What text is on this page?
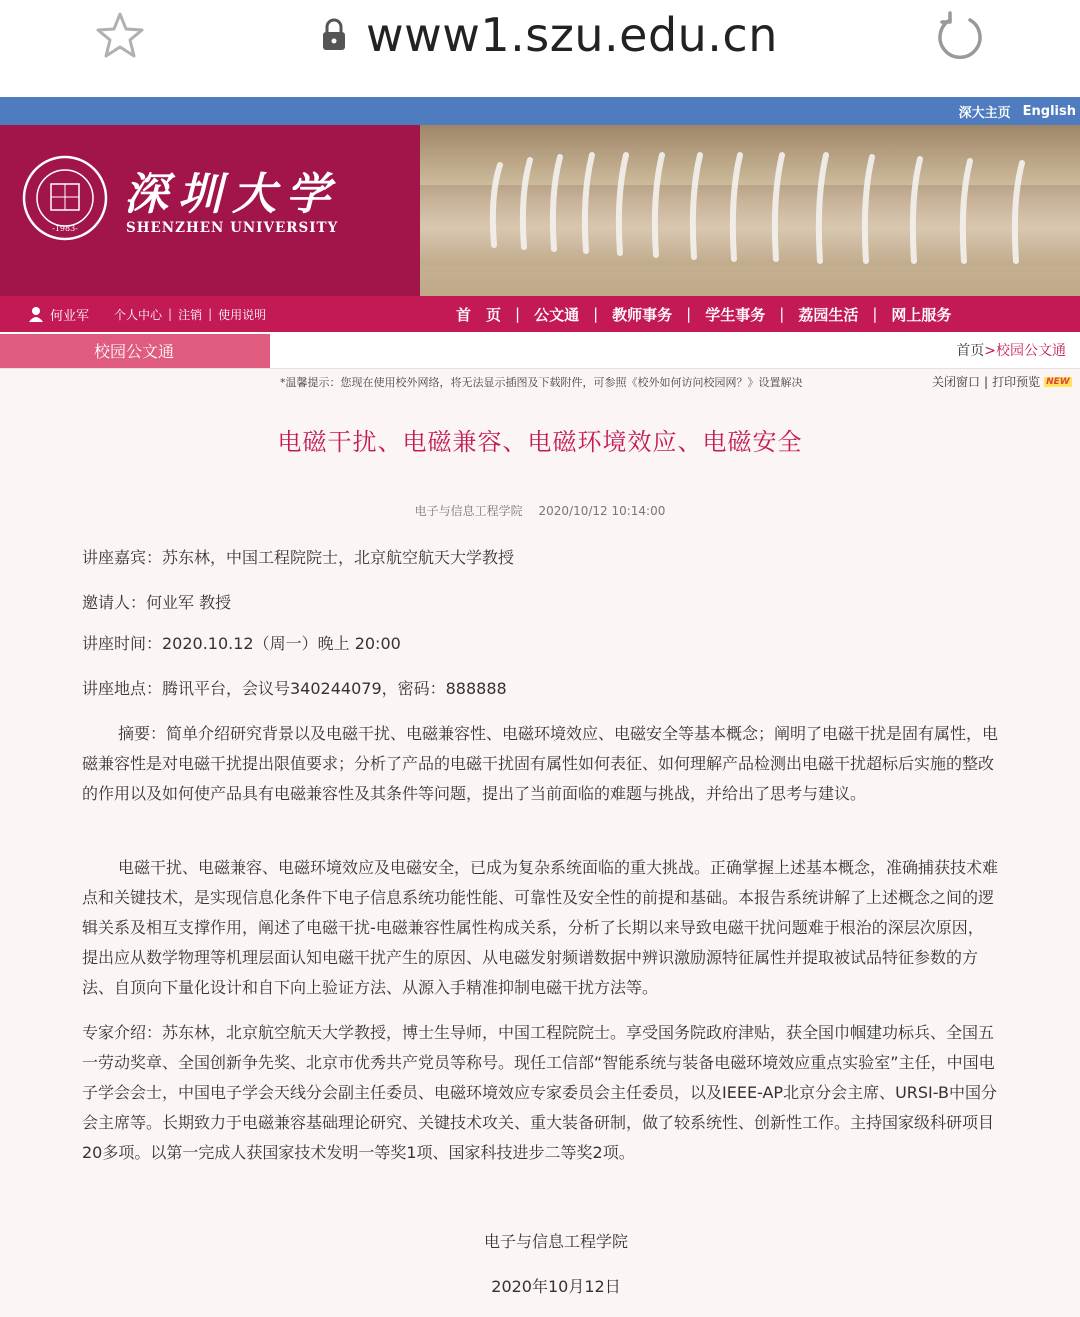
www1.szu.edu.cn
深大主页 English
-1983-
深圳大学
SHENZHEN UNIVERSITY
何业军 个人中心 | 注销 | 使用说明	首　页 | 公文通 | 教师事务 | 学生事务 | 荔园生活 | 网上服务
校园公文通	首页>校园公文通
*温馨提示：您现在使用校外网络，将无法显示插图及下载附件，可参照《校外如何访问校园网？》设置解决	关闭窗口 | 打印预览 NEW
电磁干扰、电磁兼容、电磁环境效应、电磁安全
电子与信息工程学院 2020/10/12 10:14:00
讲座嘉宾：苏东林，中国工程院院士，北京航空航天大学教授
邀请人：何业军 教授
讲座时间：2020.10.12（周一）晚上 20:00
讲座地点：腾讯平台，会议号340244079，密码：888888
摘要：简单介绍研究背景以及电磁干扰、电磁兼容性、电磁环境效应、电磁安全等基本概念；阐明了电磁干扰是固有属性，电磁兼容性是对电磁干扰提出限值要求；分析了产品的电磁干扰固有属性如何表征、如何理解产品检测出电磁干扰超标后实施的整改的作用以及如何使产品具有电磁兼容性及其条件等问题，提出了当前面临的难题与挑战，并给出了思考与建议。
电磁干扰、电磁兼容、电磁环境效应及电磁安全，已成为复杂系统面临的重大挑战。正确掌握上述基本概念，准确捕获技术难点和关键技术，是实现信息化条件下电子信息系统功能性能、可靠性及安全性的前提和基础。本报告系统讲解了上述概念之间的逻辑关系及相互支撑作用，阐述了电磁干扰-电磁兼容性属性构成关系，分析了长期以来导致电磁干扰问题难于根治的深层次原因，提出应从数学物理等机理层面认知电磁干扰产生的原因、从电磁发射频谱数据中辨识激励源特征属性并提取被试品特征参数的方法、自顶向下量化设计和自下向上验证方法、从源入手精准抑制电磁干扰方法等。
专家介绍：苏东林，北京航空航天大学教授，博士生导师，中国工程院院士。享受国务院政府津贴，获全国巾帼建功标兵、全国五一劳动奖章、全国创新争先奖、北京市优秀共产党员等称号。现任工信部“智能系统与装备电磁环境效应重点实验室”主任，中国电子学会会士，中国电子学会天线分会副主任委员、电磁环境效应专家委员会主任委员，以及IEEE-AP北京分会主席、URSI-B中国分会主席等。长期致力于电磁兼容基础理论研究、关键技术攻关、重大装备研制，做了较系统性、创新性工作。主持国家级科研项目20多项。以第一完成人获国家技术发明一等奖1项、国家科技进步二等奖2项。
电子与信息工程学院
2020年10月12日
